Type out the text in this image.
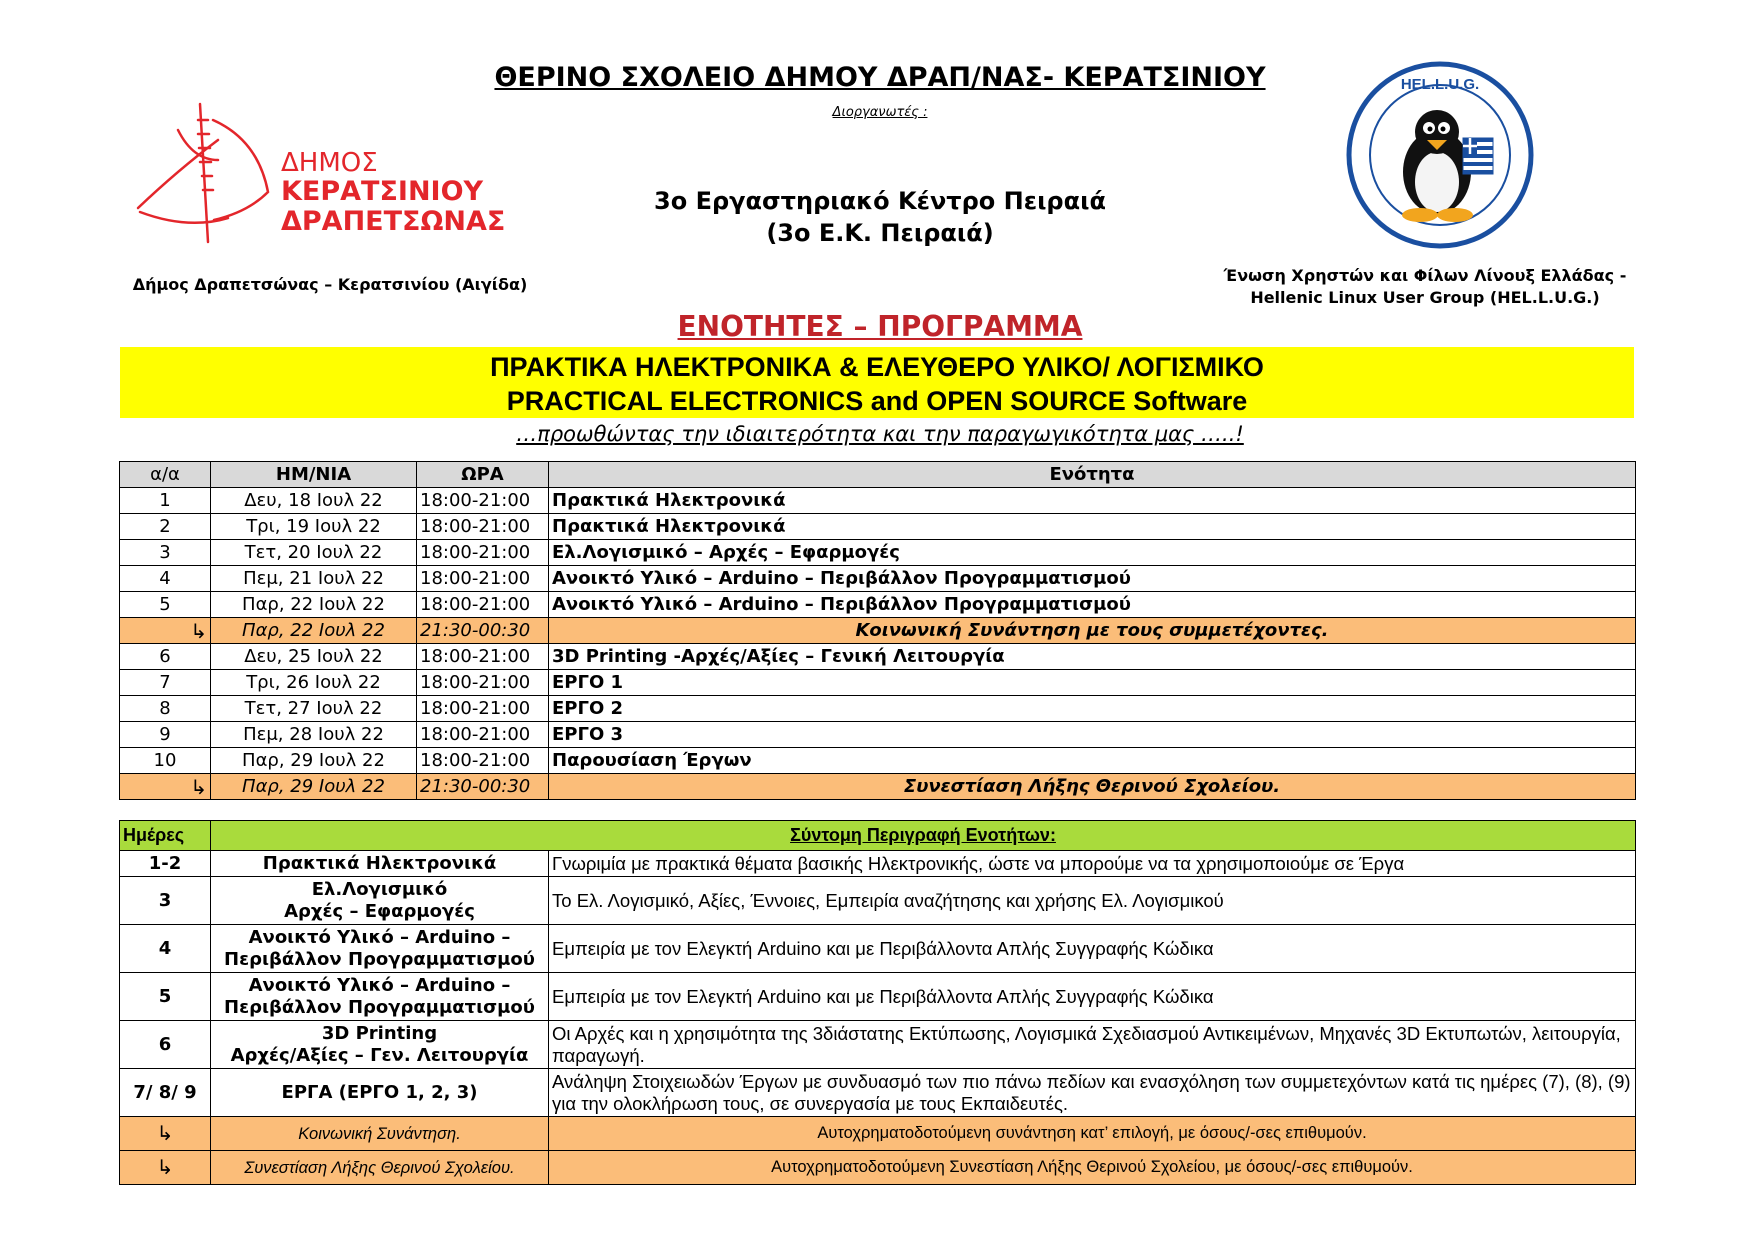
ΘΕΡΙΝΟ ΣΧΟΛΕΙΟ ΔΗΜΟΥ ΔΡΑΠ/ΝΑΣ- ΚΕΡΑΤΣΙΝΙΟΥ
Διοργανωτές :
3ο Εργαστηριακό Κέντρο Πειραιά
(3ο Ε.Κ. Πειραιά)
ΔΗΜΟΣ
ΚΕΡΑΤΣΙΝΙΟΥ
ΔΡΑΠΕΤΣΩΝΑΣ
Δήμος Δραπετσώνας – Κερατσινίου (Αιγίδα)
HEL.L.U.G.
Ένωση Χρηστών και Φίλων Λίνουξ Ελλάδας -
Hellenic Linux User Group (HEL.L.U.G.)
ΕΝΟΤΗΤΕΣ – ΠΡΟΓΡΑΜΜΑ
ΠΡΑΚΤΙΚΑ ΗΛΕΚΤΡΟΝΙΚΑ & ΕΛΕΥΘΕΡΟ ΥΛΙΚΟ/ ΛΟΓΙΣΜΙΚΟ
PRACTICAL ELECTRONICS and OPEN SOURCE Software
…προωθώντας την ιδιαιτερότητα και την παραγωγικότητα μας …..!
α/α	ΗΜ/ΝΙΑ	ΩΡΑ	Ενότητα
1	Δευ, 18 Ιουλ 22	18:00-21:00	Πρακτικά Ηλεκτρονικά
2	Τρι, 19 Ιουλ 22	18:00-21:00	Πρακτικά Ηλεκτρονικά
3	Τετ, 20 Ιουλ 22	18:00-21:00	Ελ.Λογισμικό – Αρχές – Εφαρμογές
4	Πεμ, 21 Ιουλ 22	18:00-21:00	Ανοικτό Υλικό – Arduino – Περιβάλλον Προγραμματισμού
5	Παρ, 22 Ιουλ 22	18:00-21:00	Ανοικτό Υλικό – Arduino – Περιβάλλον Προγραμματισμού
↳	Παρ, 22 Ιουλ 22	21:30-00:30	Κοινωνική Συνάντηση με τους συμμετέχοντες.
6	Δευ, 25 Ιουλ 22	18:00-21:00	3D Printing -Αρχές/Αξίες – Γενική Λειτουργία
7	Τρι, 26 Ιουλ 22	18:00-21:00	ΕΡΓΟ 1
8	Τετ, 27 Ιουλ 22	18:00-21:00	ΕΡΓΟ 2
9	Πεμ, 28 Ιουλ 22	18:00-21:00	ΕΡΓΟ 3
10	Παρ, 29 Ιουλ 22	18:00-21:00	Παρουσίαση Έργων
↳	Παρ, 29 Ιουλ 22	21:30-00:30	Συνεστίαση Λήξης Θερινού Σχολείου.
Ημέρες	Σύντομη Περιγραφή Ενοτήτων:	
1-2	Πρακτικά Ηλεκτρονικά	Γνωριμία με πρακτικά θέματα βασικής Ηλεκτρονικής, ώστε να μπορούμε να τα χρησιμοποιούμε σε Έργα
3	Ελ.Λογισμικό
Αρχές – Εφαρμογές	Το Ελ. Λογισμικό, Αξίες, Έννοιες, Εμπειρία αναζήτησης και χρήσης Ελ. Λογισμικού
4	Ανοικτό Υλικό – Arduino –
Περιβάλλον Προγραμματισμού	Εμπειρία με τον Ελεγκτή Arduino και με Περιβάλλοντα Απλής Συγγραφής Κώδικα
5	Ανοικτό Υλικό – Arduino –
Περιβάλλον Προγραμματισμού	Εμπειρία με τον Ελεγκτή Arduino και με Περιβάλλοντα Απλής Συγγραφής Κώδικα
6	3D Printing
Αρχές/Αξίες – Γεν. Λειτουργία	Οι Αρχές και η χρησιμότητα της 3διάστατης Εκτύπωσης, Λογισμικά Σχεδιασμού Αντικειμένων, Μηχανές 3D Εκτυπωτών, λειτουργία, παραγωγή.
7/ 8/ 9	ΕΡΓΑ (ΕΡΓΟ 1, 2, 3)	Ανάληψη Στοιχειωδών Έργων με συνδυασμό των πιο πάνω πεδίων και ενασχόληση των συμμετεχόντων κατά τις ημέρες (7), (8), (9) για την ολοκλήρωση τους, σε συνεργασία με τους Εκπαιδευτές.
↳	Κοινωνική Συνάντηση.	Αυτοχρηματοδοτούμενη συνάντηση κατ’ επιλογή, με όσους/-σες επιθυμούν.
↳	Συνεστίαση Λήξης Θερινού Σχολείου.	Αυτοχρηματοδοτούμενη Συνεστίαση Λήξης Θερινού Σχολείου, με όσους/-σες επιθυμούν.
